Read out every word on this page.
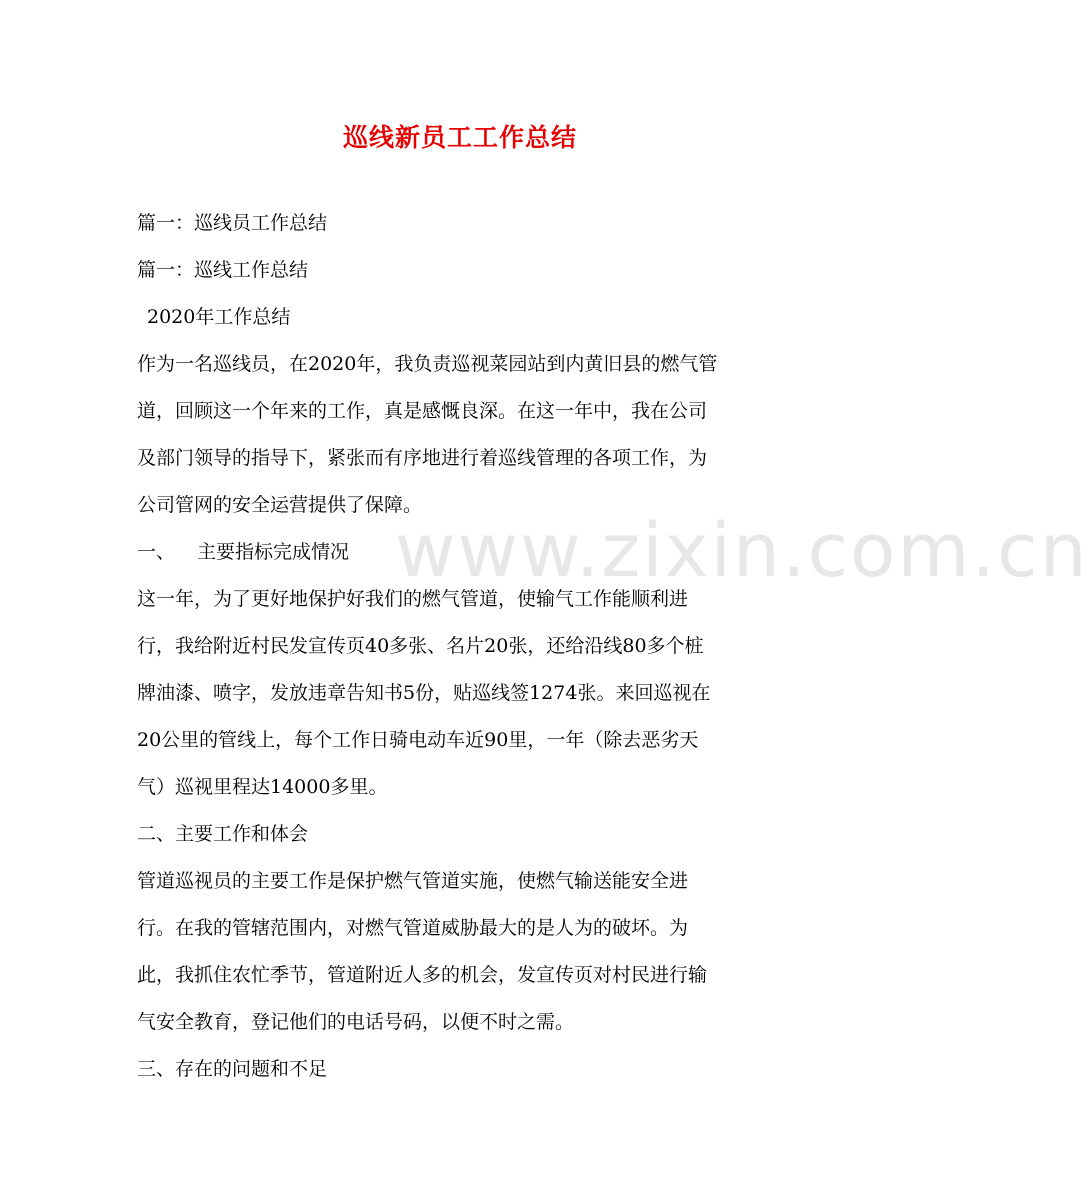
巡线新员工工作总结
www.zixin.com.cn
篇一：巡线员工作总结
篇一：巡线工作总结
2020年工作总结
作为一名巡线员，在2020年，我负责巡视菜园站到内黄旧县的燃气管
道，回顾这一个年来的工作，真是感慨良深。在这一年中，我在公司
及部门领导的指导下，紧张而有序地进行着巡线管理的各项工作，为
公司管网的安全运营提供了保障。
一、 主要指标完成情况
这一年，为了更好地保护好我们的燃气管道，使输气工作能顺利进
行，我给附近村民发宣传页40多张、名片20张，还给沿线80多个桩
牌油漆、喷字，发放违章告知书5份，贴巡线签1274张。来回巡视在
20公里的管线上，每个工作日骑电动车近90里，一年（除去恶劣天
气）巡视里程达14000多里。
二、主要工作和体会
管道巡视员的主要工作是保护燃气管道实施，使燃气输送能安全进
行。在我的管辖范围内，对燃气管道威胁最大的是人为的破坏。为
此，我抓住农忙季节，管道附近人多的机会，发宣传页对村民进行输
气安全教育，登记他们的电话号码，以便不时之需。
三、存在的问题和不足
